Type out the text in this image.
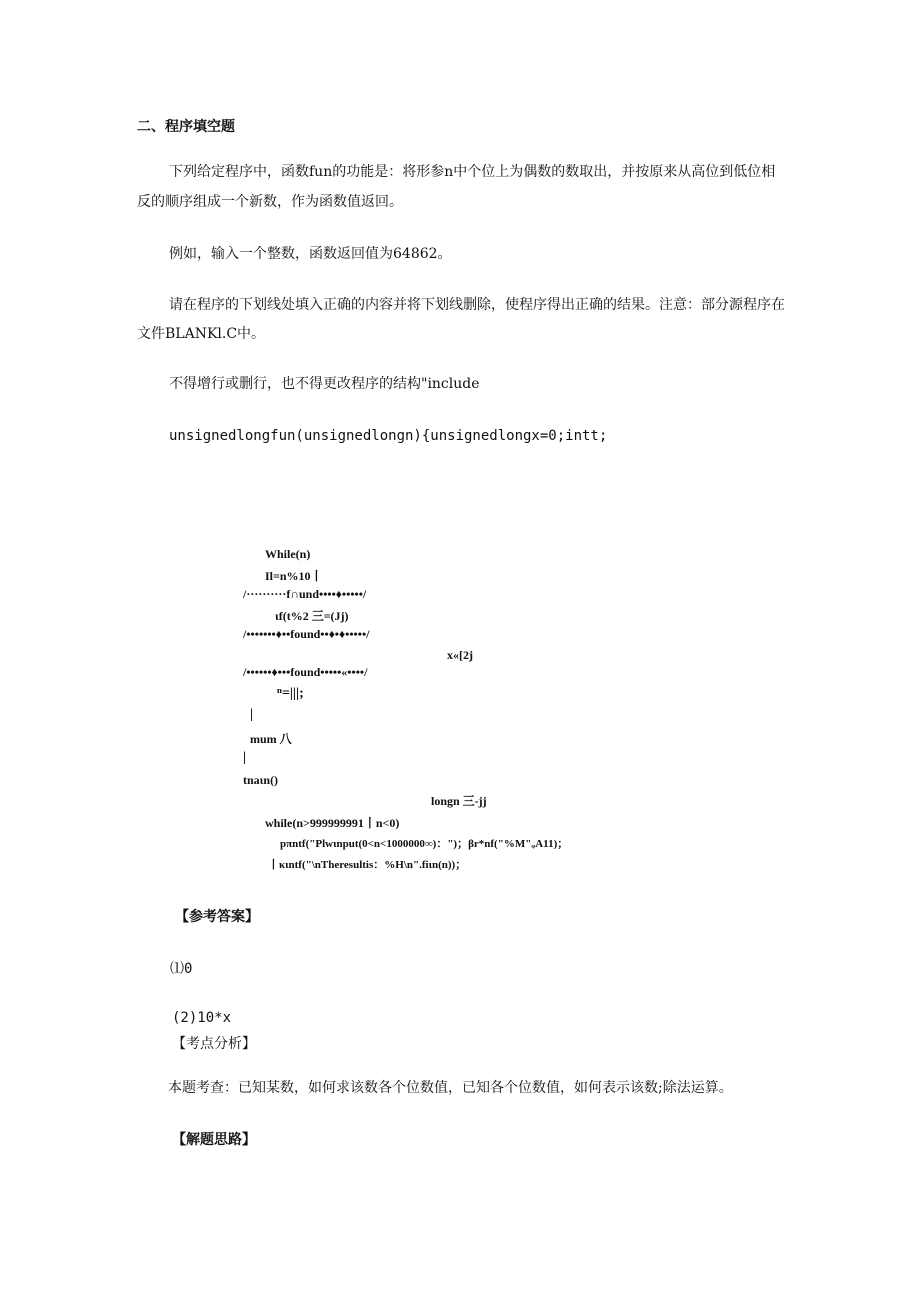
二、程序填空题
下列给定程序中，函数fun的功能是：将形参n中个位上为偶数的数取出，并按原来从高位到低位相
反的顺序组成一个新数，作为函数值返回。
例如，输入一个整数，函数返回值为64862。
请在程序的下划线处填入正确的内容并将下划线删除，使程序得出正确的结果。注意：部分源程序在
文件BLANKl.C中。
不得增行或删行，也不得更改程序的结构"include
unsignedlongfun(unsignedlongn){unsignedlongx=0;intt;
While(n)
Il=n%10丨
/··········f∩und••••♦•••••/
ιf(t%2 三=(Jj)
/•••••••♦••found••♦•♦•••••/
x«[2j
/••••••♦•••found•••••«••••/
ⁿ=|||;
|
mum 八
|
tnaιn()
longn 三-jj
while(n>999999991丨n<0)
pπntf("Plwιnput(0<n<1000000∞)：")；βr*nf("%M"ᵩA11)；
丨κιntf("\nTheresultis：%H\n".fiιn(n))；
【参考答案】
⑴0
(2)10*x
【考点分析】
本题考查：已知某数，如何求该数各个位数值，已知各个位数值，如何表示该数;除法运算。
【解题思路】
